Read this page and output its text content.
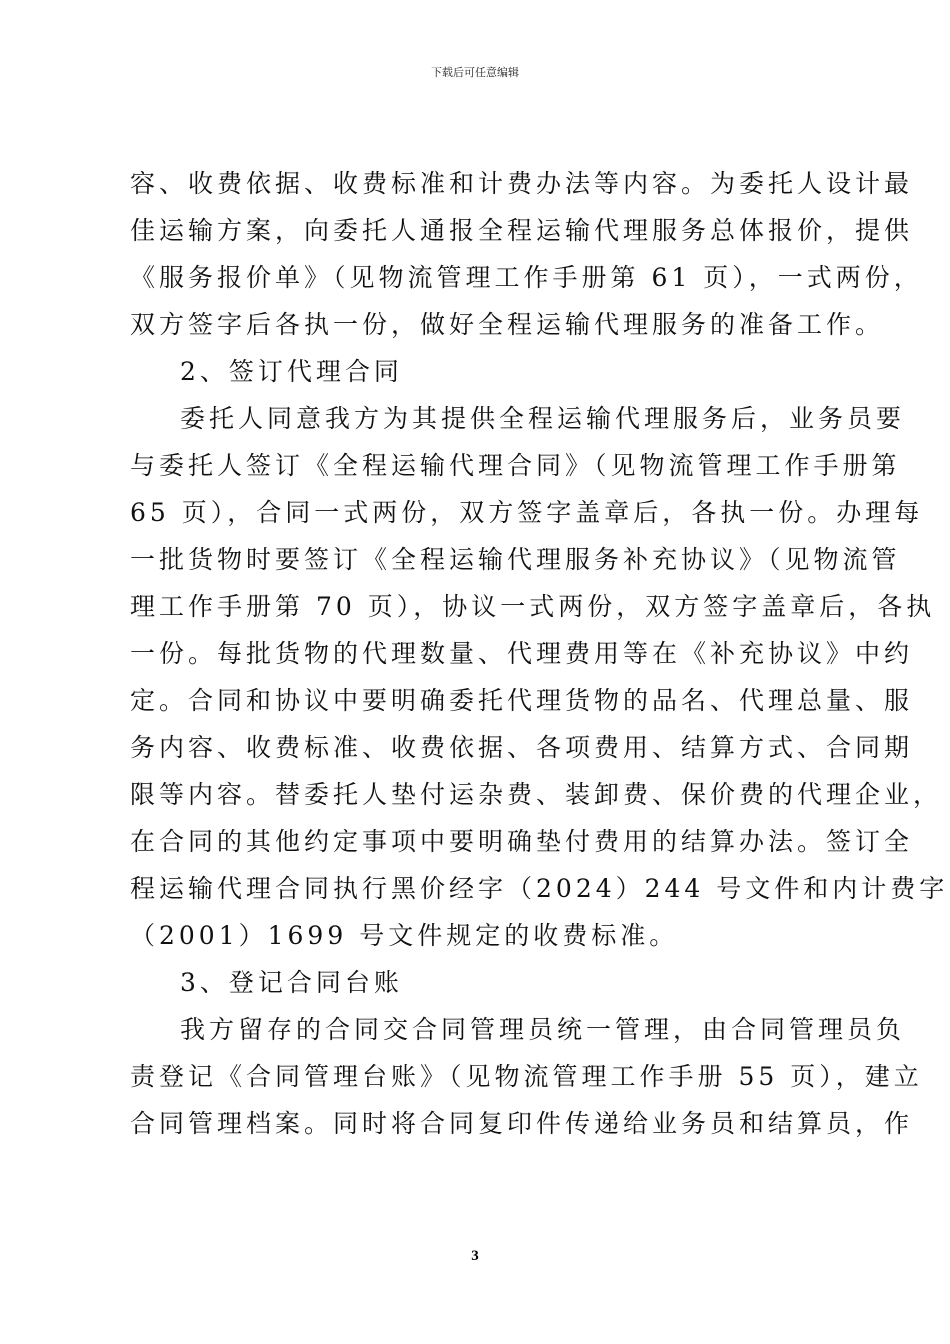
下载后可任意编辑
容、收费依据、收费标准和计费办法等内容。为委托人设计最
佳运输方案，向委托人通报全程运输代理服务总体报价，提供
《服务报价单》（见物流管理工作手册第 61 页），一式两份，
双方签字后各执一份，做好全程运输代理服务的准备工作。
2、签订代理合同
委托人同意我方为其提供全程运输代理服务后，业务员要
与委托人签订《全程运输代理合同》（见物流管理工作手册第
65 页），合同一式两份，双方签字盖章后，各执一份。办理每
一批货物时要签订《全程运输代理服务补充协议》（见物流管
理工作手册第 70 页），协议一式两份，双方签字盖章后，各执
一份。每批货物的代理数量、代理费用等在《补充协议》中约
定。合同和协议中要明确委托代理货物的品名、代理总量、服
务内容、收费标准、收费依据、各项费用、结算方式、合同期
限等内容。替委托人垫付运杂费、装卸费、保价费的代理企业，
在合同的其他约定事项中要明确垫付费用的结算办法。签订全
程运输代理合同执行黑价经字（2024）244 号文件和内计费字
（2001）1699 号文件规定的收费标准。
3、登记合同台账
我方留存的合同交合同管理员统一管理，由合同管理员负
责登记《合同管理台账》（见物流管理工作手册 55 页），建立
合同管理档案。同时将合同复印件传递给业务员和结算员，作
3
